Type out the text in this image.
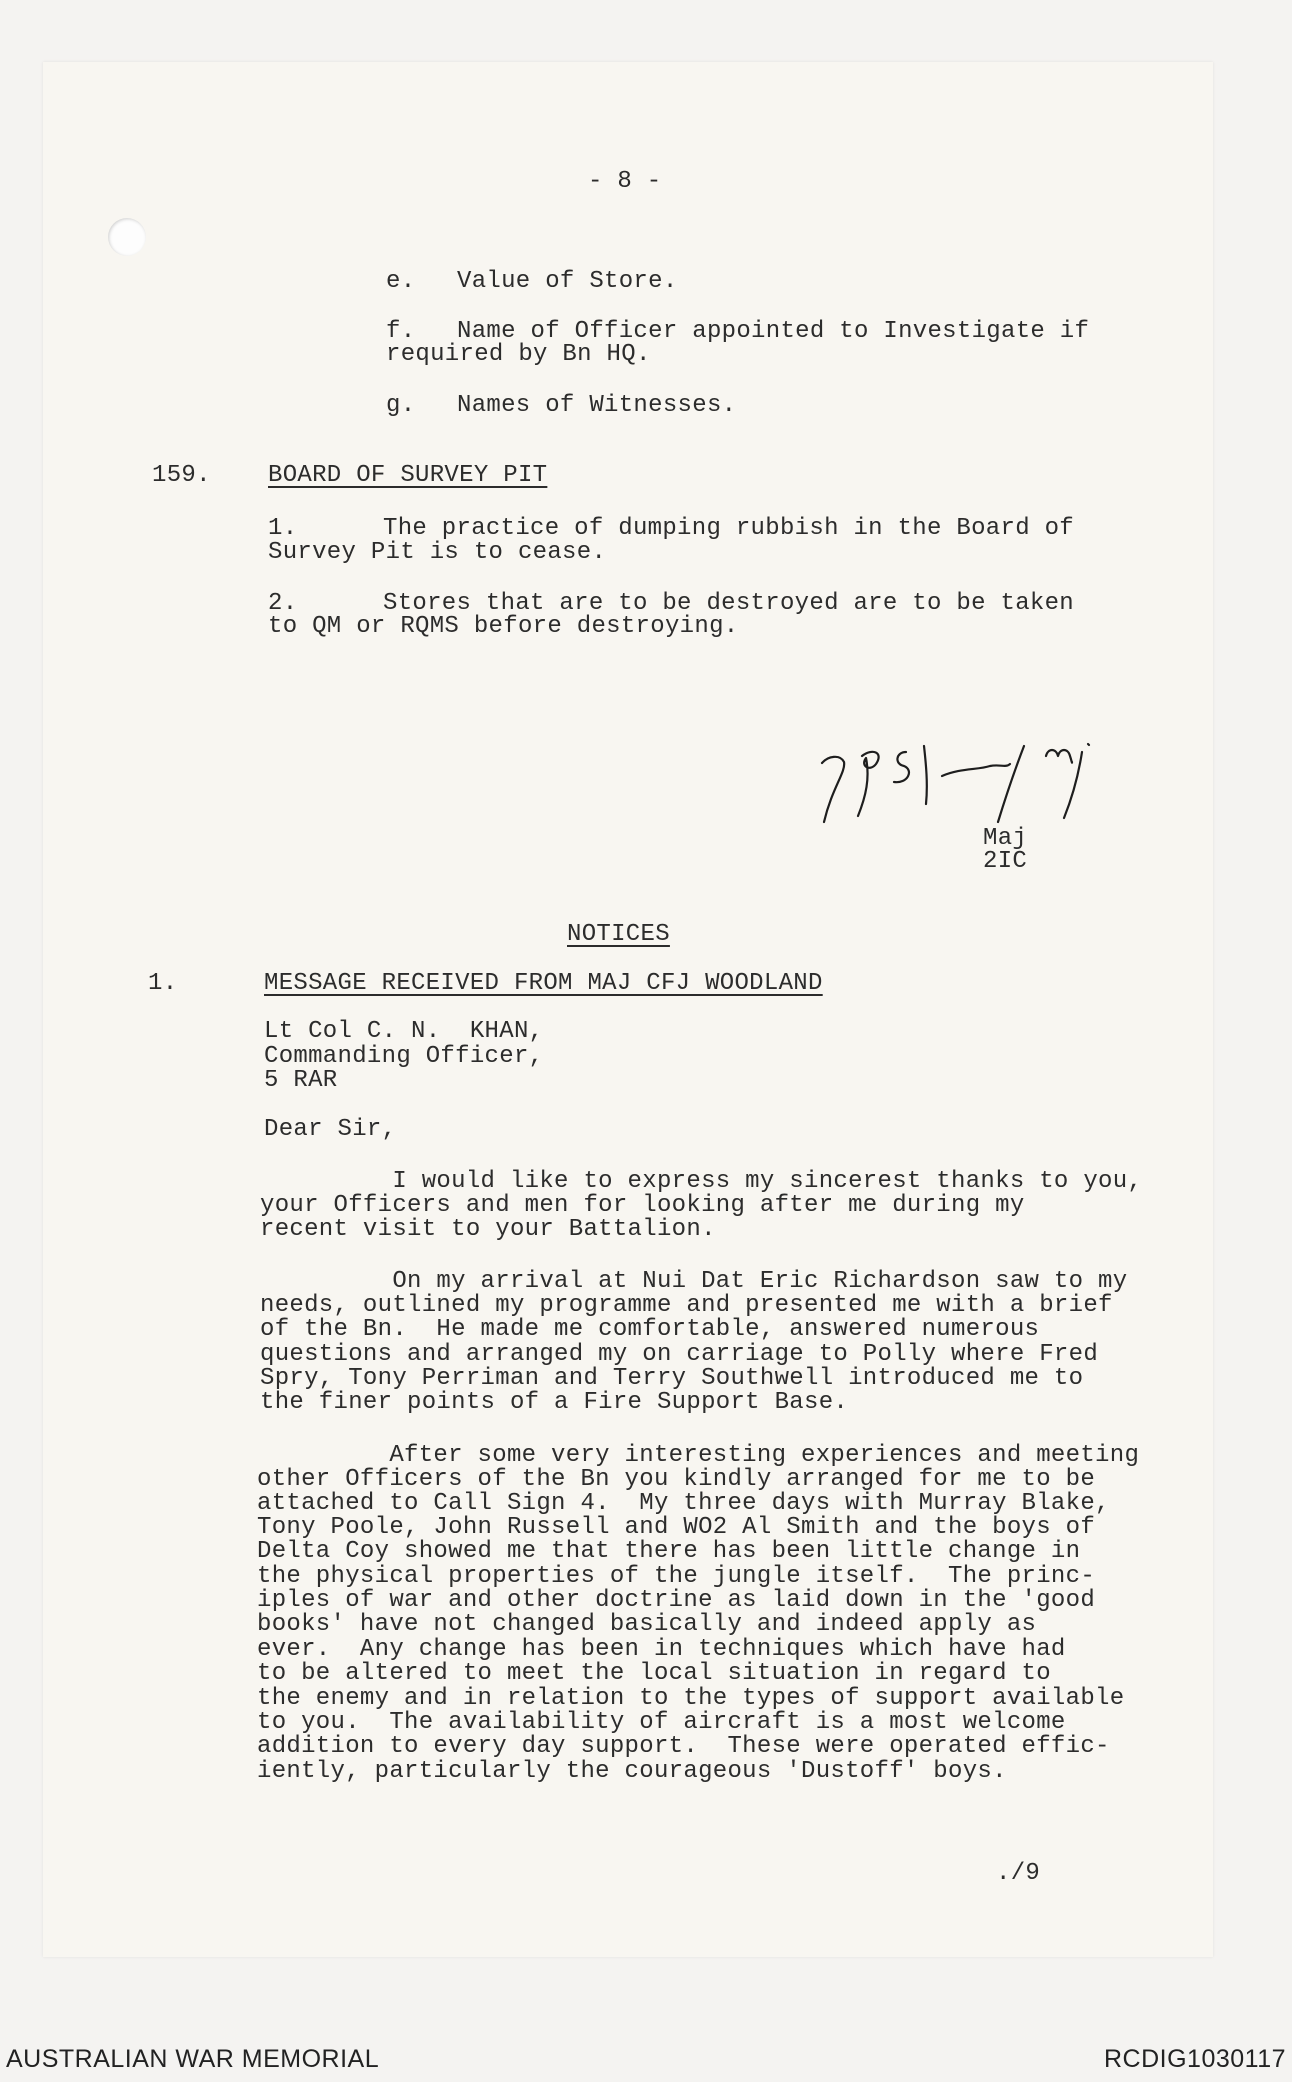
- 8 -
e. Value of Store.
f. Name of Officer appointed to Investigate if
required by Bn HQ.
g. Names of Witnesses.
159. BOARD OF SURVEY PIT
1.	The practice of dumping rubbish in the Board of
Survey Pit is to cease.
2.	Stores that are to be destroyed are to be taken
to QM or RQMS before destroying.
Maj
2IC
NOTICES
1.	MESSAGE RECEIVED FROM MAJ CFJ WOODLAND
Lt Col C. N.  KHAN,
Commanding Officer,
5 RAR
Dear Sir,
I would like to express my sincerest thanks to you,
your Officers and men for looking after me during my
recent visit to your Battalion.
On my arrival at Nui Dat Eric Richardson saw to my
needs, outlined my programme and presented me with a brief
of the Bn.  He made me comfortable, answered numerous
questions and arranged my on carriage to Polly where Fred
Spry, Tony Perriman and Terry Southwell introduced me to
the finer points of a Fire Support Base.
After some very interesting experiences and meeting
other Officers of the Bn you kindly arranged for me to be
attached to Call Sign 4.  My three days with Murray Blake,
Tony Poole, John Russell and WO2 Al Smith and the boys of
Delta Coy showed me that there has been little change in
the physical properties of the jungle itself.  The princ-
iples of war and other doctrine as laid down in the 'good
books' have not changed basically and indeed apply as
ever.  Any change has been in techniques which have had
to be altered to meet the local situation in regard to
the enemy and in relation to the types of support available
to you.  The availability of aircraft is a most welcome
addition to every day support.  These were operated effic-
iently, particularly the courageous 'Dustoff' boys.
./9
AUSTRALIAN WAR MEMORIAL	RCDIG1030117
